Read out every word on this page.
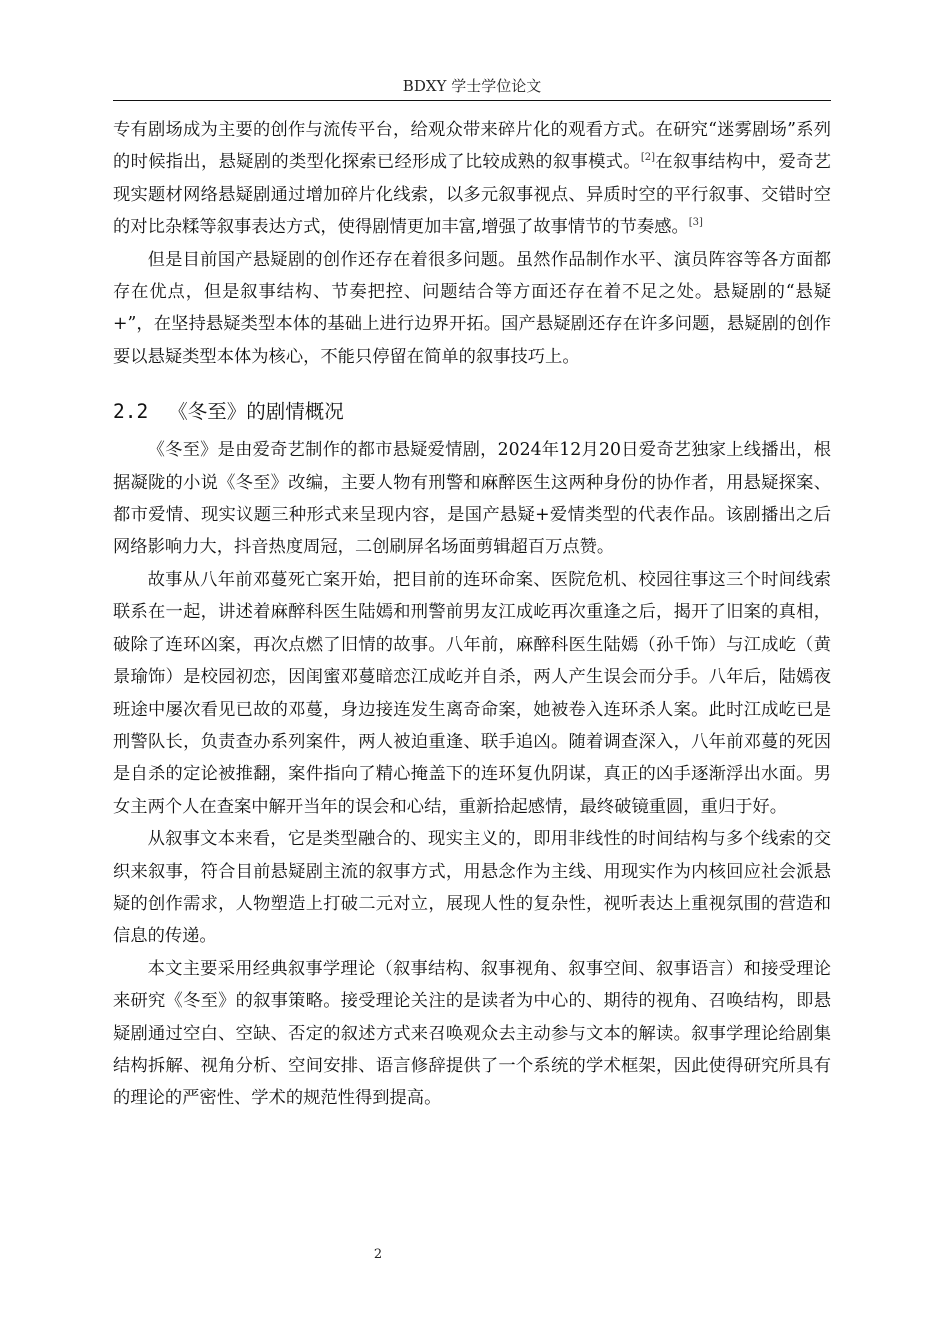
BDXY 学士学位论文

专有剧场成为主要的创作与流传平台，给观众带来碎片化的观看方式。在研究“迷雾剧场”系列的时候指出，悬疑剧的类型化探索已经形成了比较成熟的叙事模式。[2]在叙事结构中，爱奇艺现实题材网络悬疑剧通过增加碎片化线索，以多元叙事视点、异质时空的平行叙事、交错时空的对比杂糅等叙事表达方式，使得剧情更加丰富,增强了故事情节的节奏感。[3]

但是目前国产悬疑剧的创作还存在着很多问题。虽然作品制作水平、演员阵容等各方面都存在优点，但是叙事结构、节奏把控、问题结合等方面还存在着不足之处。悬疑剧的“悬疑+”，在坚持悬疑类型本体的基础上进行边界开拓。国产悬疑剧还存在许多问题，悬疑剧的创作要以悬疑类型本体为核心，不能只停留在简单的叙事技巧上。

2.2 《冬至》的剧情概况

《冬至》是由爱奇艺制作的都市悬疑爱情剧，2024年12月20日爱奇艺独家上线播出，根据凝陇的小说《冬至》改编，主要人物有刑警和麻醉医生这两种身份的协作者，用悬疑探案、都市爱情、现实议题三种形式来呈现内容，是国产悬疑+爱情类型的代表作品。该剧播出之后网络影响力大，抖音热度周冠，二创刷屏名场面剪辑超百万点赞。

故事从八年前邓蔓死亡案开始，把目前的连环命案、医院危机、校园往事这三个时间线索联系在一起，讲述着麻醉科医生陆嫣和刑警前男友江成屹再次重逢之后，揭开了旧案的真相，破除了连环凶案，再次点燃了旧情的故事。八年前，麻醉科医生陆嫣（孙千饰）与江成屹（黄景瑜饰）是校园初恋，因闺蜜邓蔓暗恋江成屹并自杀，两人产生误会而分手。八年后，陆嫣夜班途中屡次看见已故的邓蔓，身边接连发生离奇命案，她被卷入连环杀人案。此时江成屹已是刑警队长，负责查办系列案件，两人被迫重逢、联手追凶。随着调查深入，八年前邓蔓的死因是自杀的定论被推翻，案件指向了精心掩盖下的连环复仇阴谋，真正的凶手逐渐浮出水面。男女主两个人在查案中解开当年的误会和心结，重新拾起感情，最终破镜重圆，重归于好。

从叙事文本来看，它是类型融合的、现实主义的，即用非线性的时间结构与多个线索的交织来叙事，符合目前悬疑剧主流的叙事方式，用悬念作为主线、用现实作为内核回应社会派悬疑的创作需求，人物塑造上打破二元对立，展现人性的复杂性，视听表达上重视氛围的营造和信息的传递。

本文主要采用经典叙事学理论（叙事结构、叙事视角、叙事空间、叙事语言）和接受理论来研究《冬至》的叙事策略。接受理论关注的是读者为中心的、期待的视角、召唤结构，即悬疑剧通过空白、空缺、否定的叙述方式来召唤观众去主动参与文本的解读。叙事学理论给剧集结构拆解、视角分析、空间安排、语言修辞提供了一个系统的学术框架，因此使得研究所具有的理论的严密性、学术的规范性得到提高。

2
